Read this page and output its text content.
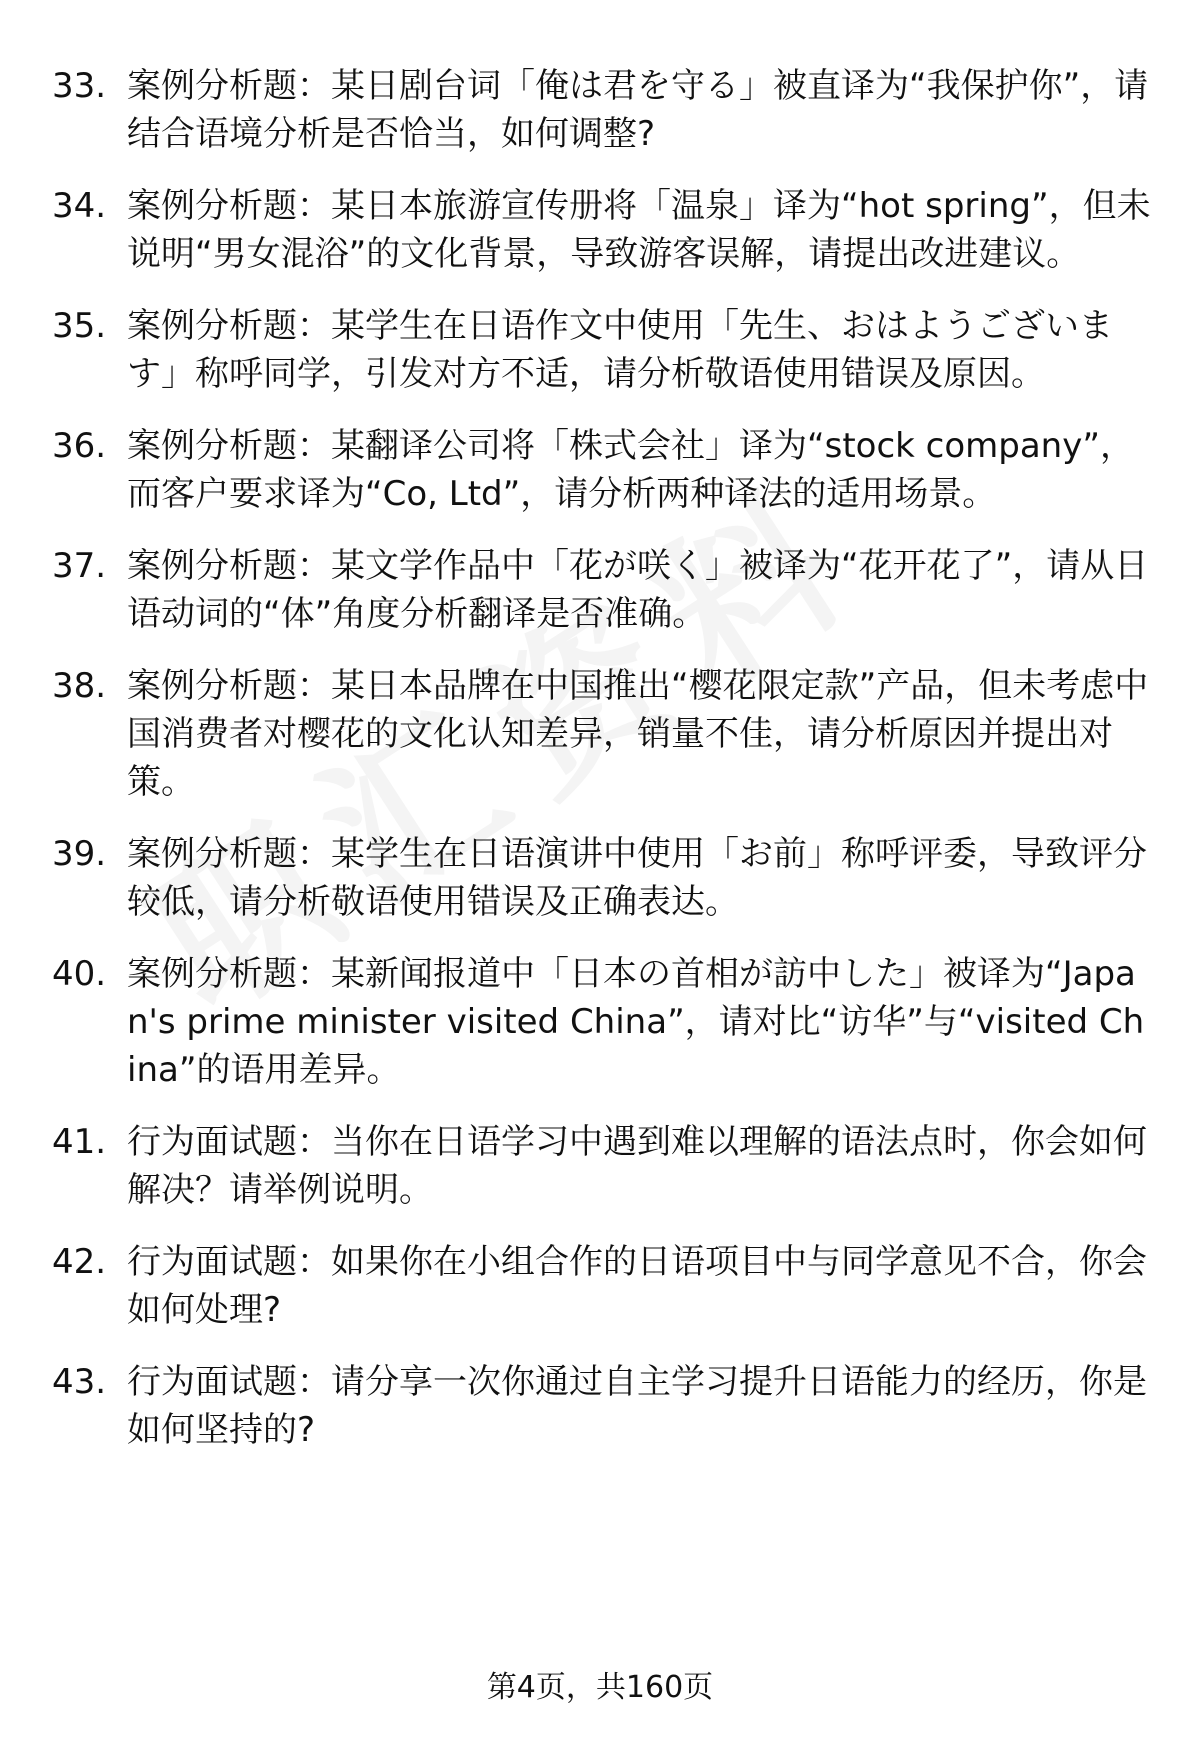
33. 案例分析题：某日剧台词「俺は君を守る」被直译为“我保护你”，请结合语境分析是否恰当，如何调整?
34. 案例分析题：某日本旅游宣传册将「温泉」译为“hot spring”，但未说明“男女混浴”的文化背景，导致游客误解，请提出改进建议。
35. 案例分析题：某学生在日语作文中使用「先生、おはようございます」称呼同学，引发对方不适，请分析敬语使用错误及原因。
36. 案例分析题：某翻译公司将「株式会社」译为“stock company”，而客户要求译为“Co, Ltd”，请分析两种译法的适用场景。
37. 案例分析题：某文学作品中「花が咲く」被译为“花开花了”，请从日语动词的“体”角度分析翻译是否准确。
38. 案例分析题：某日本品牌在中国推出“樱花限定款”产品，但未考虑中国消费者对樱花的文化认知差异，销量不佳，请分析原因并提出对策。
39. 案例分析题：某学生在日语演讲中使用「お前」称呼评委，导致评分较低，请分析敬语使用错误及正确表达。
40. 案例分析题：某新闻报道中「日本の首相が訪中した」被译为“Japan's prime minister visited China”，请对比“访华”与“visited China”的语用差异。
41. 行为面试题：当你在日语学习中遇到难以理解的语法点时，你会如何解决？请举例说明。
42. 行为面试题：如果你在小组合作的日语项目中与同学意见不合，你会如何处理?
43. 行为面试题：请分享一次你通过自主学习提升日语能力的经历，你是如何坚持的?
第4页，共160页
